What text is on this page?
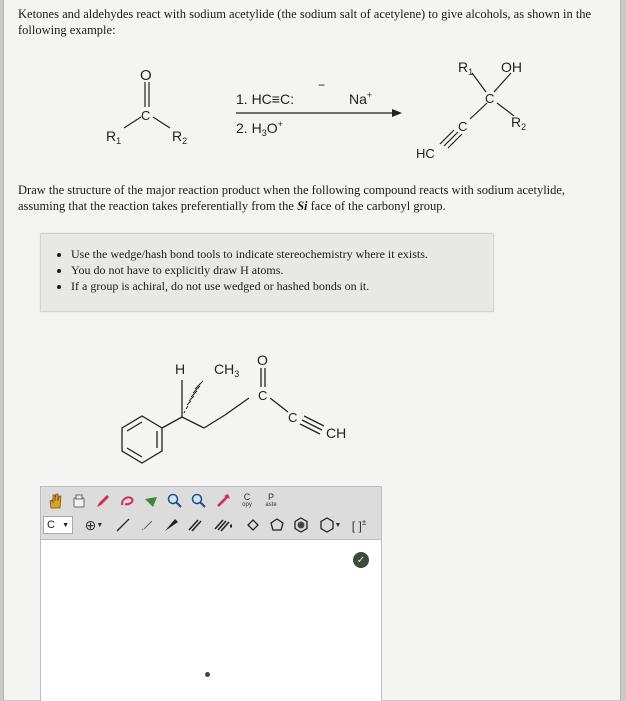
Ketones and aldehydes react with sodium acetylide (the sodium salt of acetylene) to give alcohols, as shown in the following example:
O
C
$R_1$	$R_2$
1. HC≡C:
−
Na+
2. $H_3O^+$
$R_1$ OH
C
$R_2$
C
HC
Draw the structure of the major reaction product when the following compound reacts with sodium acetylide, assuming that the reaction takes preferentially from the Si face of the carbonyl group.
• Use the wedge/hash bond tools to indicate stereochemistry where it exists.
• You do not have to explicitly draw H atoms.
• If a group is achiral, do not use wedged or hashed bonds on it.
H $CH_3$
O
C
C
CH
C
opy
P
aste
C ▼ ⊕ ▼	▼ [ ]±
✓
